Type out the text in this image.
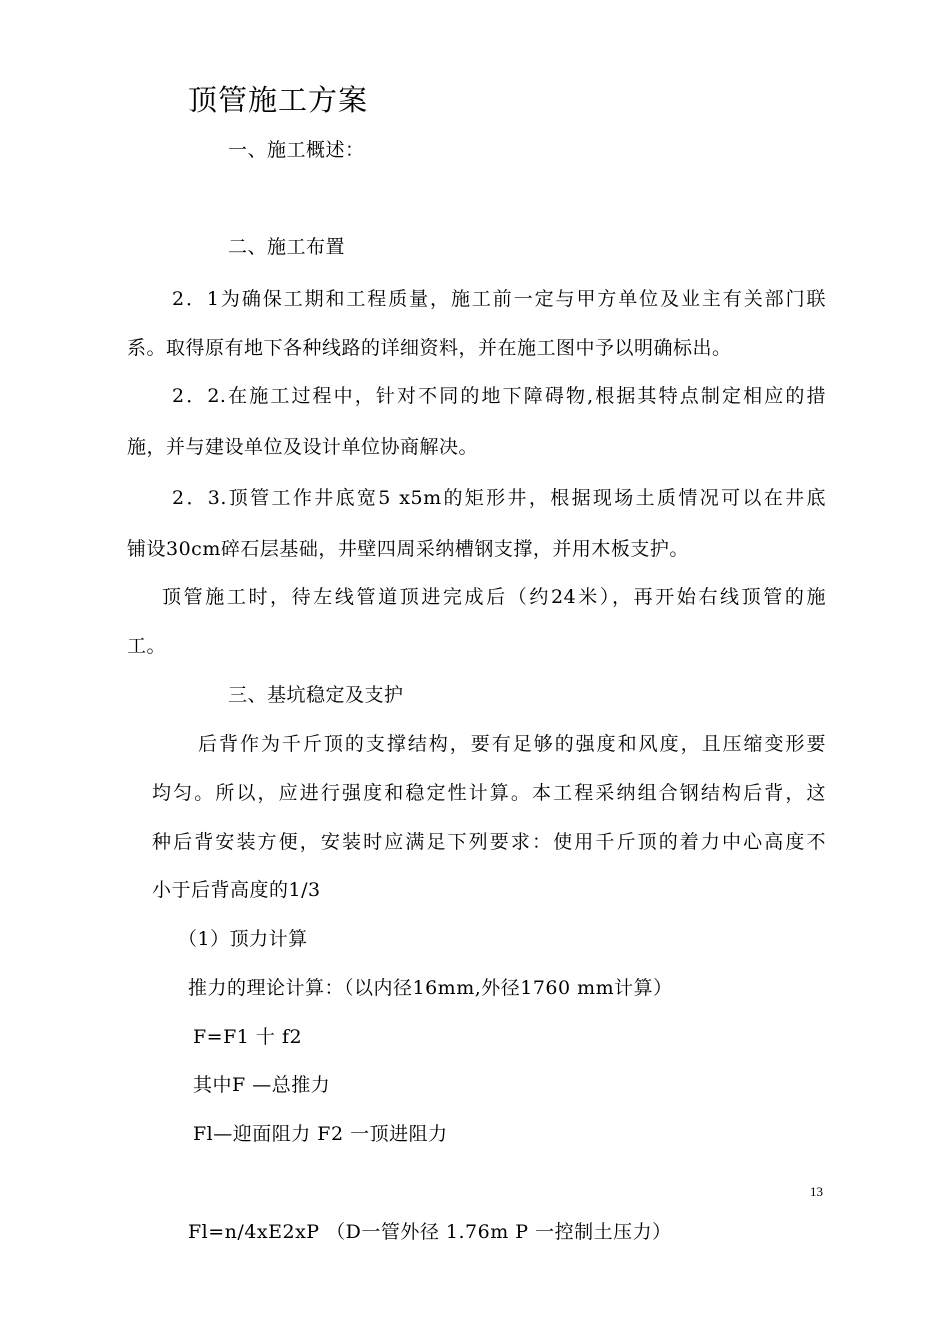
顶管施工方案
一、施工概述：
二、施工布置
2．1为确保工期和工程质量，施工前一定与甲方单位及业主有关部门联
系。取得原有地下各种线路的详细资料，并在施工图中予以明确标出。
2．2.在施工过程中，针对不同的地下障碍物,根据其特点制定相应的措
施，并与建设单位及设计单位协商解决。
2．3.顶管工作井底宽5 x5m的矩形井，根据现场土质情况可以在井底
铺设30cm碎石层基础，井壁四周采纳槽钢支撑，并用木板支护。
顶管施工时，待左线管道顶进完成后（约24米），再开始右线顶管的施
工。
三、基坑稳定及支护
后背作为千斤顶的支撑结构，要有足够的强度和风度，且压缩变形要
均匀。所以，应进行强度和稳定性计算。本工程采纳组合钢结构后背，这
种后背安装方便，安装时应满足下列要求：使用千斤顶的着力中心高度不
小于后背高度的1/3
（1）顶力计算
推力的理论计算：（以内径16mm,外径1760 mm计算）
F=F1 十 f2
其中F —总推力
Fl—迎面阻力 F2 一顶进阻力
13
Fl=n/4xE2xP （D一管外径 1.76m P 一控制土压力）
